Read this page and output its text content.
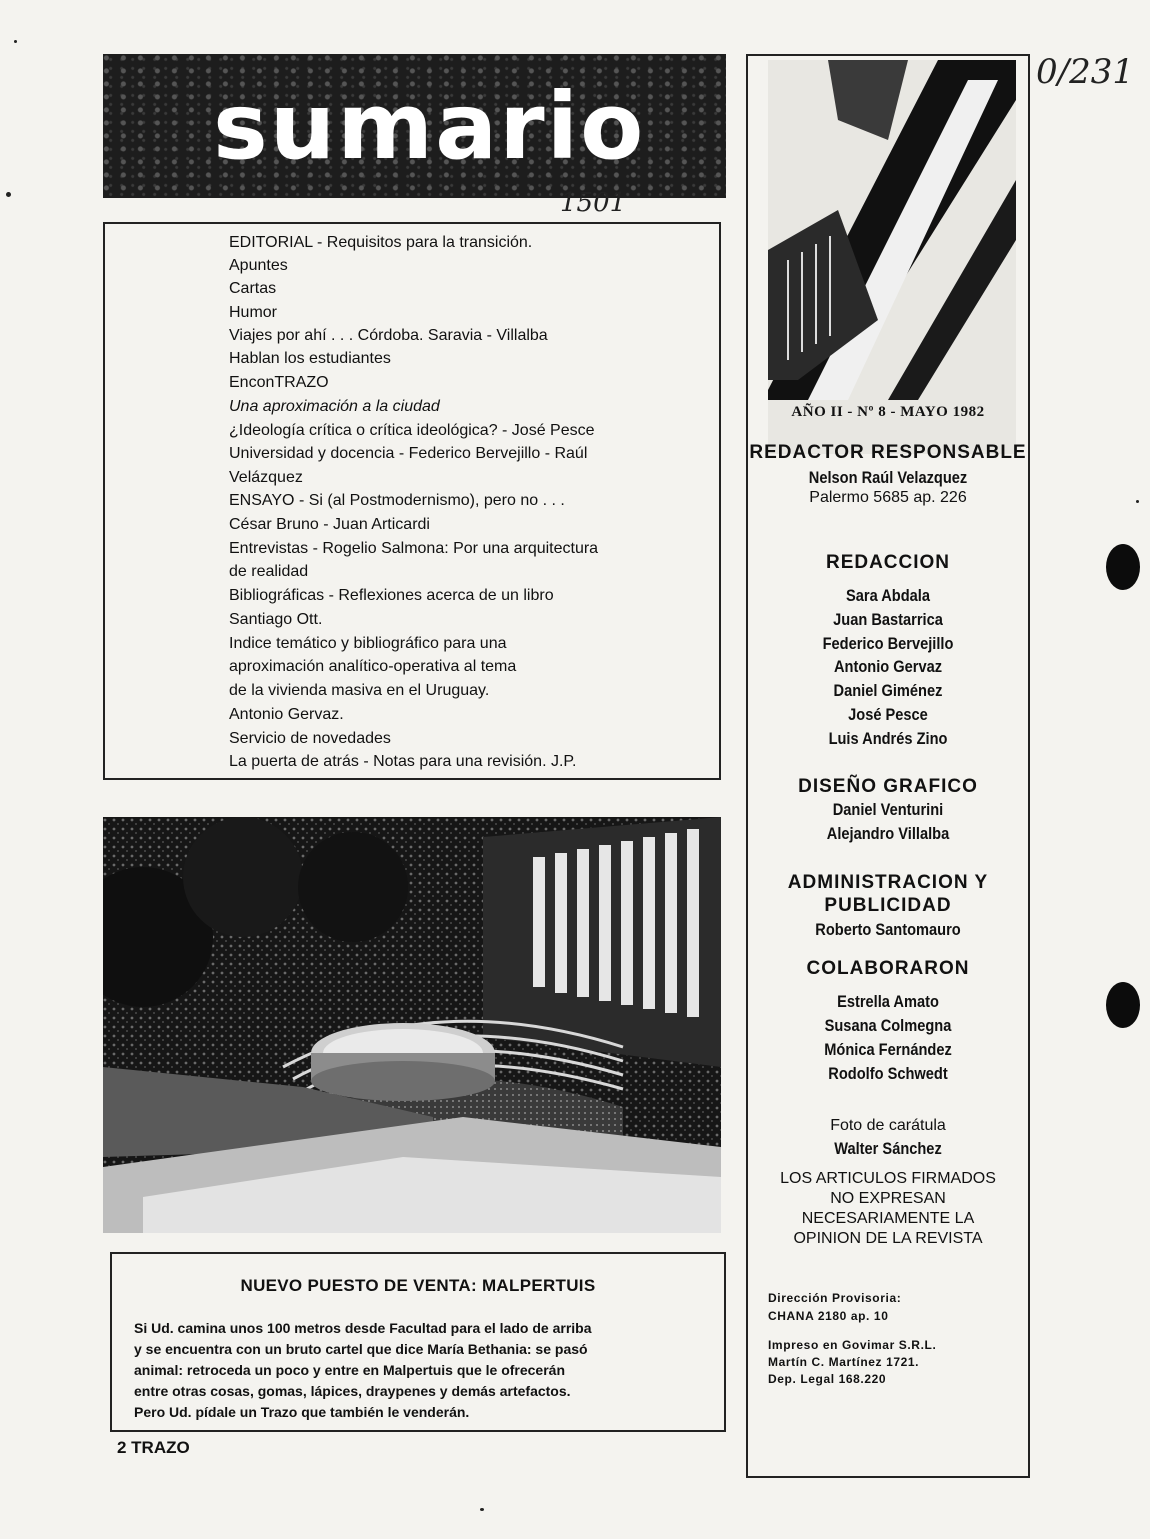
sumario
1501
EDITORIAL - Requisitos para la transición.
Apuntes
Cartas
Humor
Viajes por ahí . . . Córdoba. Saravia - Villalba
Hablan los estudiantes
EnconTRAZO
Una aproximación a la ciudad
¿Ideología crítica o crítica ideológica? - José Pesce
Universidad y docencia - Federico Bervejillo - Raúl
Velázquez
ENSAYO - Si (al Postmodernismo), pero no . . .
César Bruno - Juan Articardi
Entrevistas - Rogelio Salmona: Por una arquitectura
de realidad
Bibliográficas - Reflexiones acerca de un libro
Santiago Ott.
Indice temático y bibliográfico para una
aproximación analítico-operativa al tema
de la vivienda masiva en el Uruguay.
Antonio Gervaz.
Servicio de novedades
La puerta de atrás - Notas para una revisión. J.P.
NUEVO PUESTO DE VENTA: MALPERTUIS
Si Ud. camina unos 100 metros desde Facultad para el lado de arriba
y se encuentra con un bruto cartel que dice María Bethania: se pasó
animal: retroceda un poco y entre en Malpertuis que le ofrecerán
entre otras cosas, gomas, lápices, draypenes y demás artefactos.
Pero Ud. pídale un Trazo que también le venderán.
2 TRAZO
AÑO II - Nº 8 - MAYO 1982
REDACTOR RESPONSABLE
Nelson Raúl Velazquez
Palermo 5685 ap. 226
REDACCION
Sara Abdala
Juan Bastarrica
Federico Bervejillo
Antonio Gervaz
Daniel Giménez
José Pesce
Luis Andrés Zino
DISEÑO GRAFICO
Daniel Venturini
Alejandro Villalba
ADMINISTRACION Y
PUBLICIDAD
Roberto Santomauro
COLABORARON
Estrella Amato
Susana Colmegna
Mónica Fernández
Rodolfo Schwedt
Foto de carátula
Walter Sánchez
LOS ARTICULOS FIRMADOS
NO EXPRESAN
NECESARIAMENTE LA
OPINION DE LA REVISTA
Dirección Provisoria:
CHANA 2180 ap. 10
Impreso en Govimar S.R.L.
Martín C. Martínez 1721.
Dep. Legal 168.220
0/231
